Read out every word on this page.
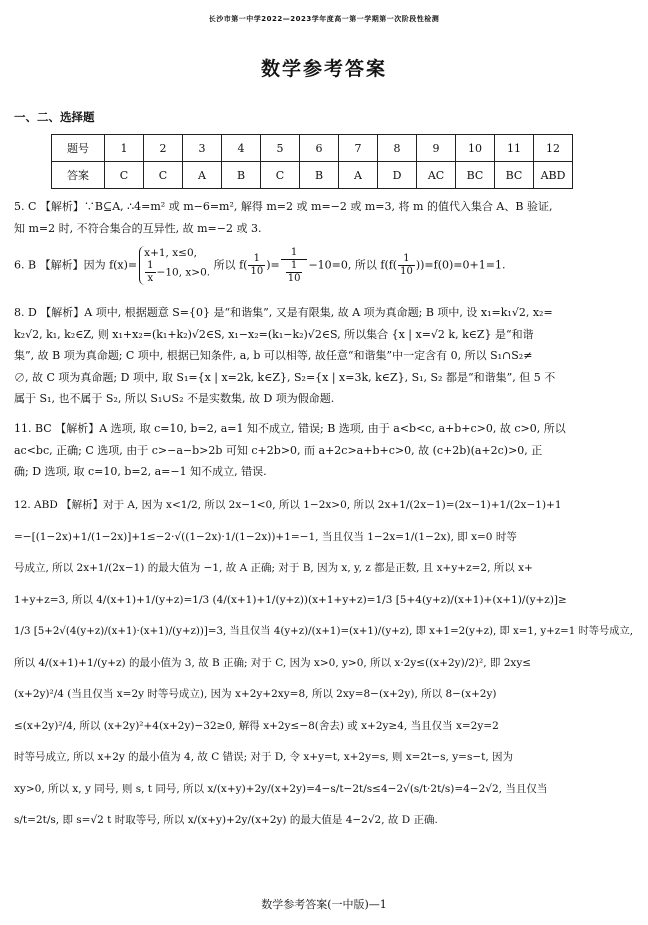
长沙市第一中学2022—2023学年度高一第一学期第一次阶段性检测
数学参考答案
一、二、选择题
题号	1	2	3	4	5	6	7	8	9	10	11	12
答案	C	C	A	B	C	B	A	D	AC	BC	BC	ABD

5. C 【解析】∵B⊆A, ∴4=m² 或 m−6=m², 解得 m=2 或 m=−2 或 m=3, 将 m 的值代入集合 A、B 验证,

知 m=2 时, 不符合集合的互异性, 故 m=−2 或 3.

6. B 【解析】因为 f(x)=
x+1, x≤0,
$\frac{1}{x} -10$, x>0.
所以 $f( \frac{1}{10}$ )= 1
1
10 −10=0, 所以 $f(f( \frac{1}{10} ))=f(0)=0+1=1$.

8. D 【解析】A 项中, 根据题意 S={0} 是“和谐集”, 又是有限集, 故 A 项为真命题; B 项中, 设 x₁=k₁√2, x₂=

k₂√2, k₁, k₂∈Z, 则 x₁+x₂=(k₁+k₂)√2∈S, x₁−x₂=(k₁−k₂)√2∈S, 所以集合 {x | x=√2 k, k∈Z} 是“和谐

集”, 故 B 项为真命题; C 项中, 根据已知条件, a, b 可以相等, 故任意“和谐集”中一定含有 0, 所以 S₁∩S₂≠

∅, 故 C 项为真命题; D 项中, 取 S₁={x | x=2k, k∈Z}, S₂={x | x=3k, k∈Z}, S₁, S₂ 都是“和谐集”, 但 5 不

属于 S₁, 也不属于 S₂, 所以 S₁∪S₂ 不是实数集, 故 D 项为假命题.

11. BC 【解析】A 选项, 取 c=10, b=2, a=1 知不成立, 错误; B 选项, 由于 a<b<c, a+b+c>0, 故 c>0, 所以

ac<bc, 正确; C 选项, 由于 c>−a−b>2b 可知 c+2b>0, 而 a+2c>a+b+c>0, 故 (c+2b)(a+2c)>0, 正

确; D 选项, 取 c=10, b=2, a=−1 知不成立, 错误.

12. ABD 【解析】对于 A, 因为 x<1/2, 所以 2x−1<0, 所以 1−2x>0, 所以 2x+1/(2x−1)=(2x−1)+1/(2x−1)+1

=−[(1−2x)+1/(1−2x)]+1≤−2·√((1−2x)·1/(1−2x))+1=−1, 当且仅当 1−2x=1/(1−2x), 即 x=0 时等

号成立, 所以 2x+1/(2x−1) 的最大值为 −1, 故 A 正确; 对于 B, 因为 x, y, z 都是正数, 且 x+y+z=2, 所以 x+

1+y+z=3, 所以 4/(x+1)+1/(y+z)=1/3 (4/(x+1)+1/(y+z))(x+1+y+z)=1/3 [5+4(y+z)/(x+1)+(x+1)/(y+z)]≥

1/3 [5+2√(4(y+z)/(x+1)·(x+1)/(y+z))]=3, 当且仅当 4(y+z)/(x+1)=(x+1)/(y+z), 即 x+1=2(y+z), 即 x=1, y+z=1 时等号成立,

所以 4/(x+1)+1/(y+z) 的最小值为 3, 故 B 正确; 对于 C, 因为 x>0, y>0, 所以 x·2y≤((x+2y)/2)², 即 2xy≤

(x+2y)²/4 (当且仅当 x=2y 时等号成立), 因为 x+2y+2xy=8, 所以 2xy=8−(x+2y), 所以 8−(x+2y)

≤(x+2y)²/4, 所以 (x+2y)²+4(x+2y)−32≥0, 解得 x+2y≤−8(舍去) 或 x+2y≥4, 当且仅当 x=2y=2

时等号成立, 所以 x+2y 的最小值为 4, 故 C 错误; 对于 D, 令 x+y=t, x+2y=s, 则 x=2t−s, y=s−t, 因为

xy>0, 所以 x, y 同号, 则 s, t 同号, 所以 x/(x+y)+2y/(x+2y)=4−s/t−2t/s≤4−2√(s/t·2t/s)=4−2√2, 当且仅当

s/t=2t/s, 即 s=√2 t 时取等号, 所以 x/(x+y)+2y/(x+2y) 的最大值是 4−2√2, 故 D 正确.

数学参考答案(一中版)—1
